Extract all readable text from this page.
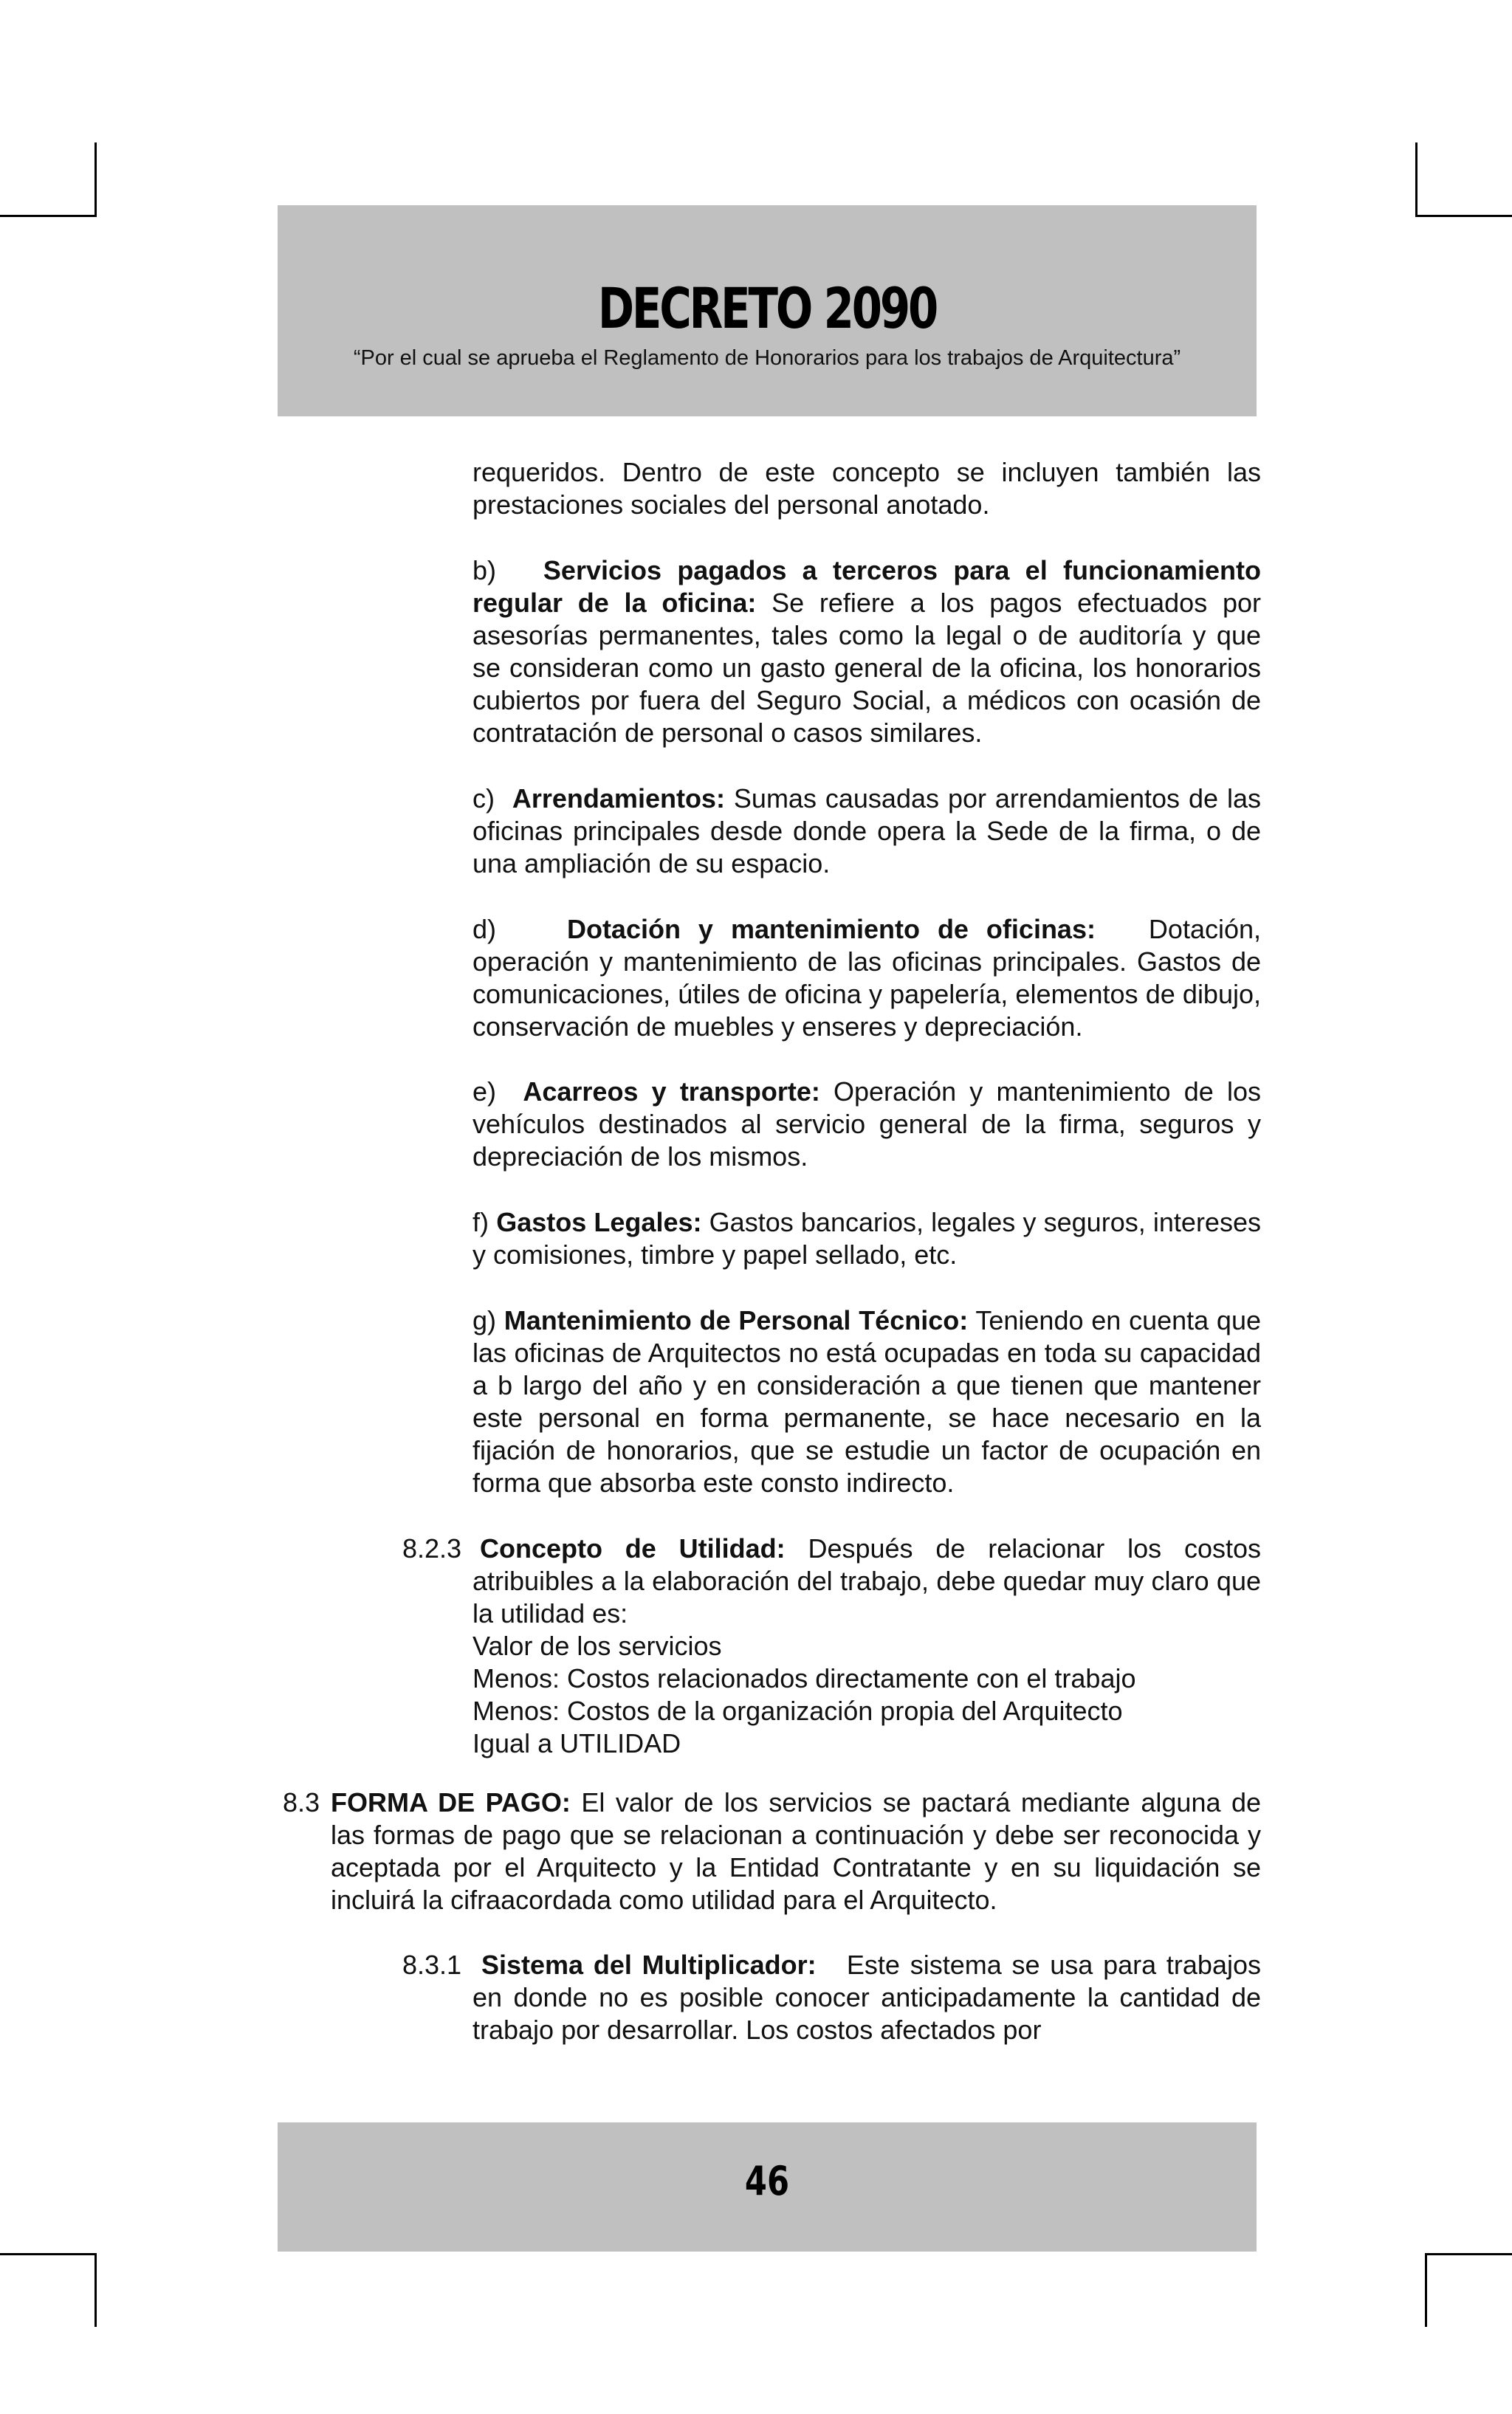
DECRETO 2090
“Por el cual se aprueba el Reglamento de Honorarios para los trabajos de Arquitectura”

requeridos. Dentro de este concepto se incluyen también las prestaciones sociales del personal anotado.

b) Servicios pagados a terceros para el funcionamiento regular de la oficina: Se refiere a los pagos efectuados por asesorías permanentes, tales como la legal o de auditoría y que se consideran como un gasto general de la oficina, los honorarios cubiertos por fuera del Seguro Social, a médicos con ocasión de contratación de personal o casos similares.

c) Arrendamientos: Sumas causadas por arrendamientos de las oficinas principales desde donde opera la Sede de la firma, o de una ampliación de su espacio.

d)	Dotación y mantenimiento de oficinas: Dotación, operación y mantenimiento de las oficinas principales. Gastos de comunicaciones, útiles de oficina y papelería, elementos de dibujo, conservación de muebles y enseres y depreciación.

e) Acarreos y transporte: Operación y mantenimiento de los vehículos destinados al servicio general de la firma, seguros y depreciación de los mismos.

f) Gastos Legales: Gastos bancarios, legales y seguros, intereses y comisiones, timbre y papel sellado, etc.

g) Mantenimiento de Personal Técnico: Teniendo en cuenta que las oficinas de Arquitectos no está ocupadas en toda su capacidad a b largo del año y en consideración a que tienen que mantener este personal en forma permanente, se hace necesario en la fijación de honorarios, que se estudie un factor de ocupación en forma que absorba este consto indirecto.

8.2.3 Concepto de Utilidad: Después de relacionar los costos atribuibles a la elaboración del trabajo, debe quedar muy claro que la utilidad es:

Valor de los servicios
Menos: Costos relacionados directamente con el trabajo
Menos: Costos de la organización propia del Arquitecto
Igual a UTILIDAD
8.3 FORMA DE PAGO: El valor de los servicios se pactará mediante alguna de las formas de pago que se relacionan a continuación y debe ser reconocida y aceptada por el Arquitecto y la Entidad Contratante y en su liquidación se incluirá la cifraacordada como utilidad para el Arquitecto.

8.3.1 Sistema del Multiplicador: Este sistema se usa para trabajos en donde no es posible conocer anticipadamente la cantidad de trabajo por desarrollar. Los costos afectados por

46
